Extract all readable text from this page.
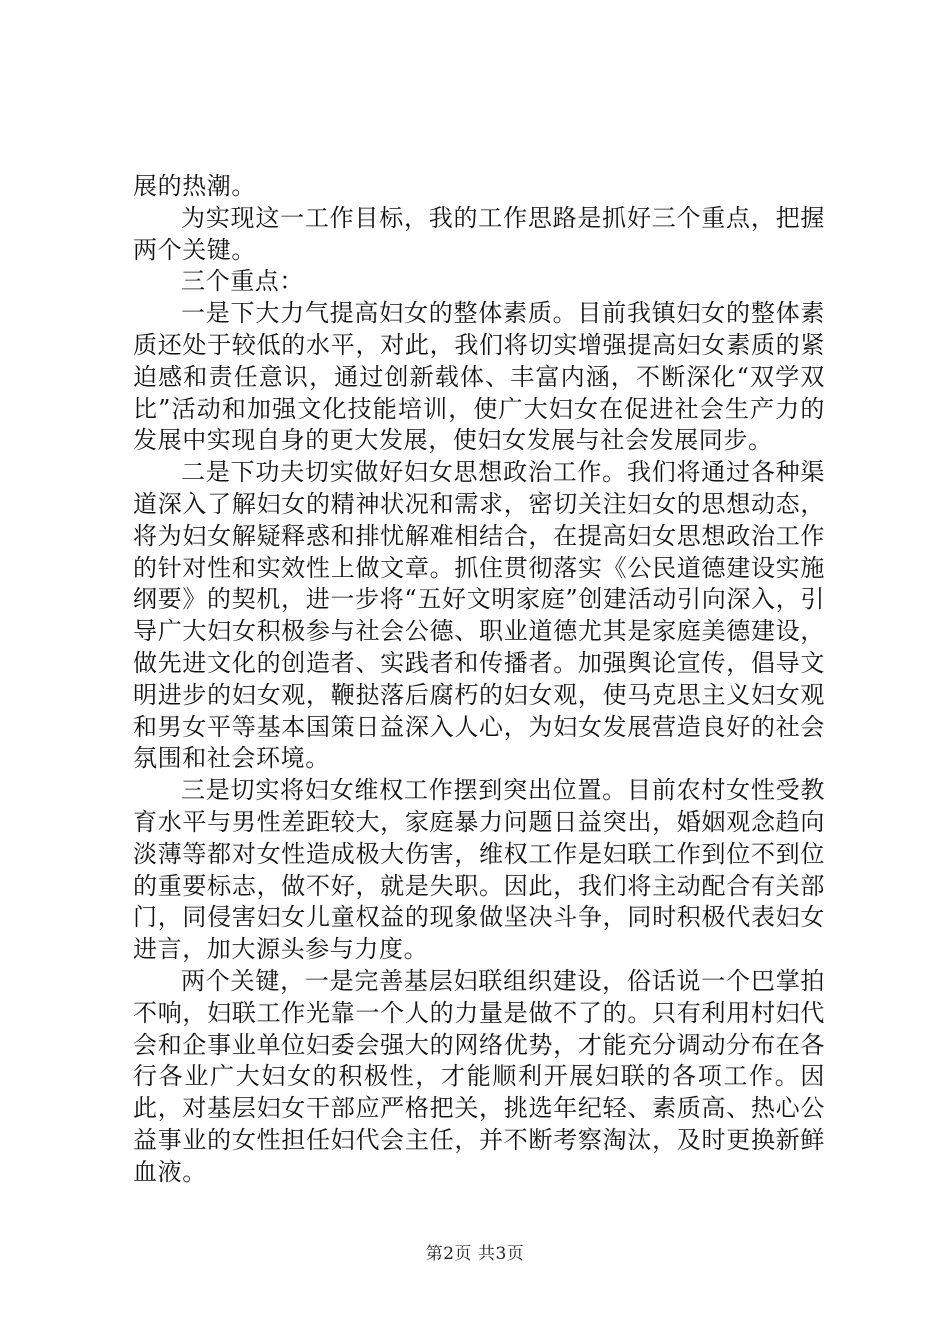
展的热潮。

为实现这一工作目标，我的工作思路是抓好三个重点，把握两个关键。

三个重点：

一是下大力气提高妇女的整体素质。目前我镇妇女的整体素质还处于较低的水平，对此，我们将切实增强提高妇女素质的紧迫感和责任意识，通过创新载体、丰富内涵，不断深化“双学双比”活动和加强文化技能培训，使广大妇女在促进社会生产力的发展中实现自身的更大发展，使妇女发展与社会发展同步。

二是下功夫切实做好妇女思想政治工作。我们将通过各种渠道深入了解妇女的精神状况和需求，密切关注妇女的思想动态，将为妇女解疑释惑和排忧解难相结合，在提高妇女思想政治工作的针对性和实效性上做文章。抓住贯彻落实《公民道德建设实施纲要》的契机，进一步将“五好文明家庭”创建活动引向深入，引导广大妇女积极参与社会公德、职业道德尤其是家庭美德建设，做先进文化的创造者、实践者和传播者。加强舆论宣传，倡导文明进步的妇女观，鞭挞落后腐朽的妇女观，使马克思主义妇女观和男女平等基本国策日益深入人心，为妇女发展营造良好的社会氛围和社会环境。

三是切实将妇女维权工作摆到突出位置。目前农村女性受教育水平与男性差距较大，家庭暴力问题日益突出，婚姻观念趋向淡薄等都对女性造成极大伤害，维权工作是妇联工作到位不到位的重要标志，做不好，就是失职。因此，我们将主动配合有关部门，同侵害妇女儿童权益的现象做坚决斗争，同时积极代表妇女进言，加大源头参与力度。

两个关键，一是完善基层妇联组织建设，俗话说一个巴掌拍不响，妇联工作光靠一个人的力量是做不了的。只有利用村妇代会和企事业单位妇委会强大的网络优势，才能充分调动分布在各行各业广大妇女的积极性，才能顺利开展妇联的各项工作。因此，对基层妇女干部应严格把关，挑选年纪轻、素质高、热心公益事业的女性担任妇代会主任，并不断考察淘汰，及时更换新鲜血液。

第2页 共3页
